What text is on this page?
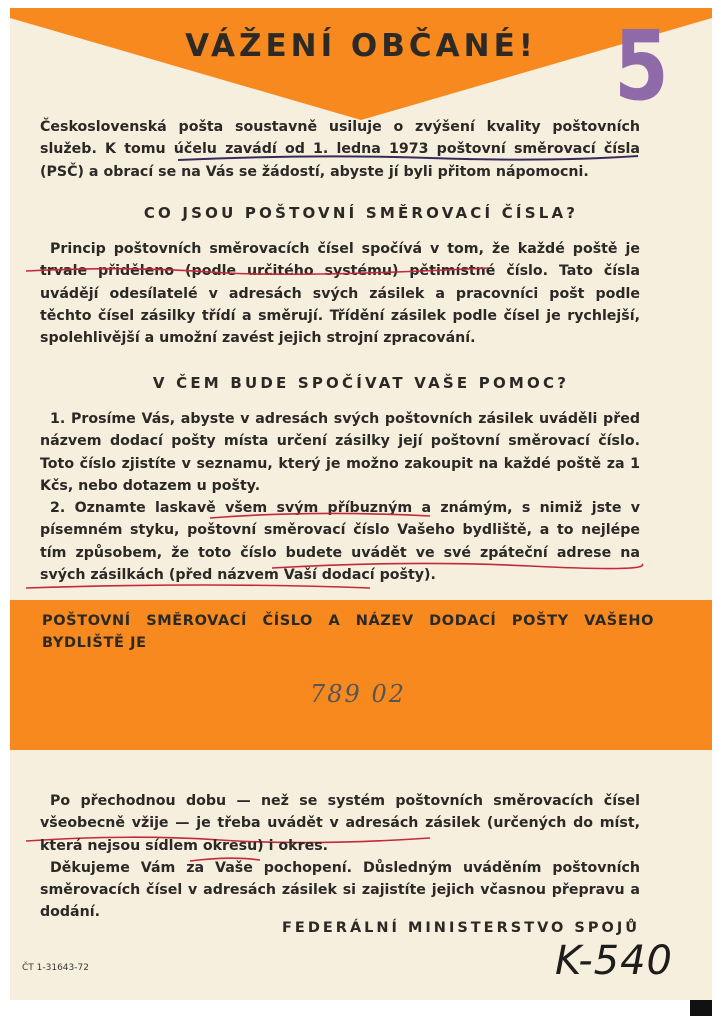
VÁŽENÍ OBČANÉ! 5

Československá pošta soustavně usiluje o zvýšení kvality poštovních služeb. K tomu účelu zavádí od 1. ledna 1973 poštovní směrovací čísla (PSČ) a obrací se na Vás se žádostí, abyste jí byli přitom nápomocni.

CO JSOU POŠTOVNÍ SMĚROVACÍ ČÍSLA?

Princip poštovních směrovacích čísel spočívá v tom, že každé poště je trvale přiděleno (podle určitého systému) pětimístné číslo. Tato čísla uvádějí odesílatelé v adresách svých zásilek a pracovníci pošt podle těchto čísel zásilky třídí a směrují. Třídění zásilek podle čísel je rychlejší, spolehlivější a umožní zavést jejich strojní zpracování.

V ČEM BUDE SPOČÍVAT VAŠE POMOC?

1. Prosíme Vás, abyste v adresách svých poštovních zásilek uváděli před názvem dodací pošty místa určení zásilky její poštovní směrovací číslo. Toto číslo zjistíte v seznamu, který je možno zakoupit na každé poště za 1 Kčs, nebo dotazem u pošty.

2. Oznamte laskavě všem svým příbuzným a známým, s nimiž jste v písemném styku, poštovní směrovací číslo Vašeho bydliště, a to nejlépe tím způsobem, že toto číslo budete uvádět ve své zpáteční adrese na svých zásilkách (před názvem Vaší dodací pošty).

POŠTOVNÍ SMĚROVACÍ ČÍSLO A NÁZEV DODACÍ POŠTY VAŠEHO BYDLIŠTĚ JE
789 02

Po přechodnou dobu — než se systém poštovních směrovacích čísel všeobecně vžije — je třeba uvádět v adresách zásilek (určených do míst, která nejsou sídlem okresu) i okres.

Děkujeme Vám za Vaše pochopení. Důsledným uváděním poštovních směrovacích čísel v adresách zásilek si zajistíte jejich včasnou přepravu a dodání.

FEDERÁLNÍ MINISTERSTVO SPOJŮ
ČT 1-31643-72	K-540
